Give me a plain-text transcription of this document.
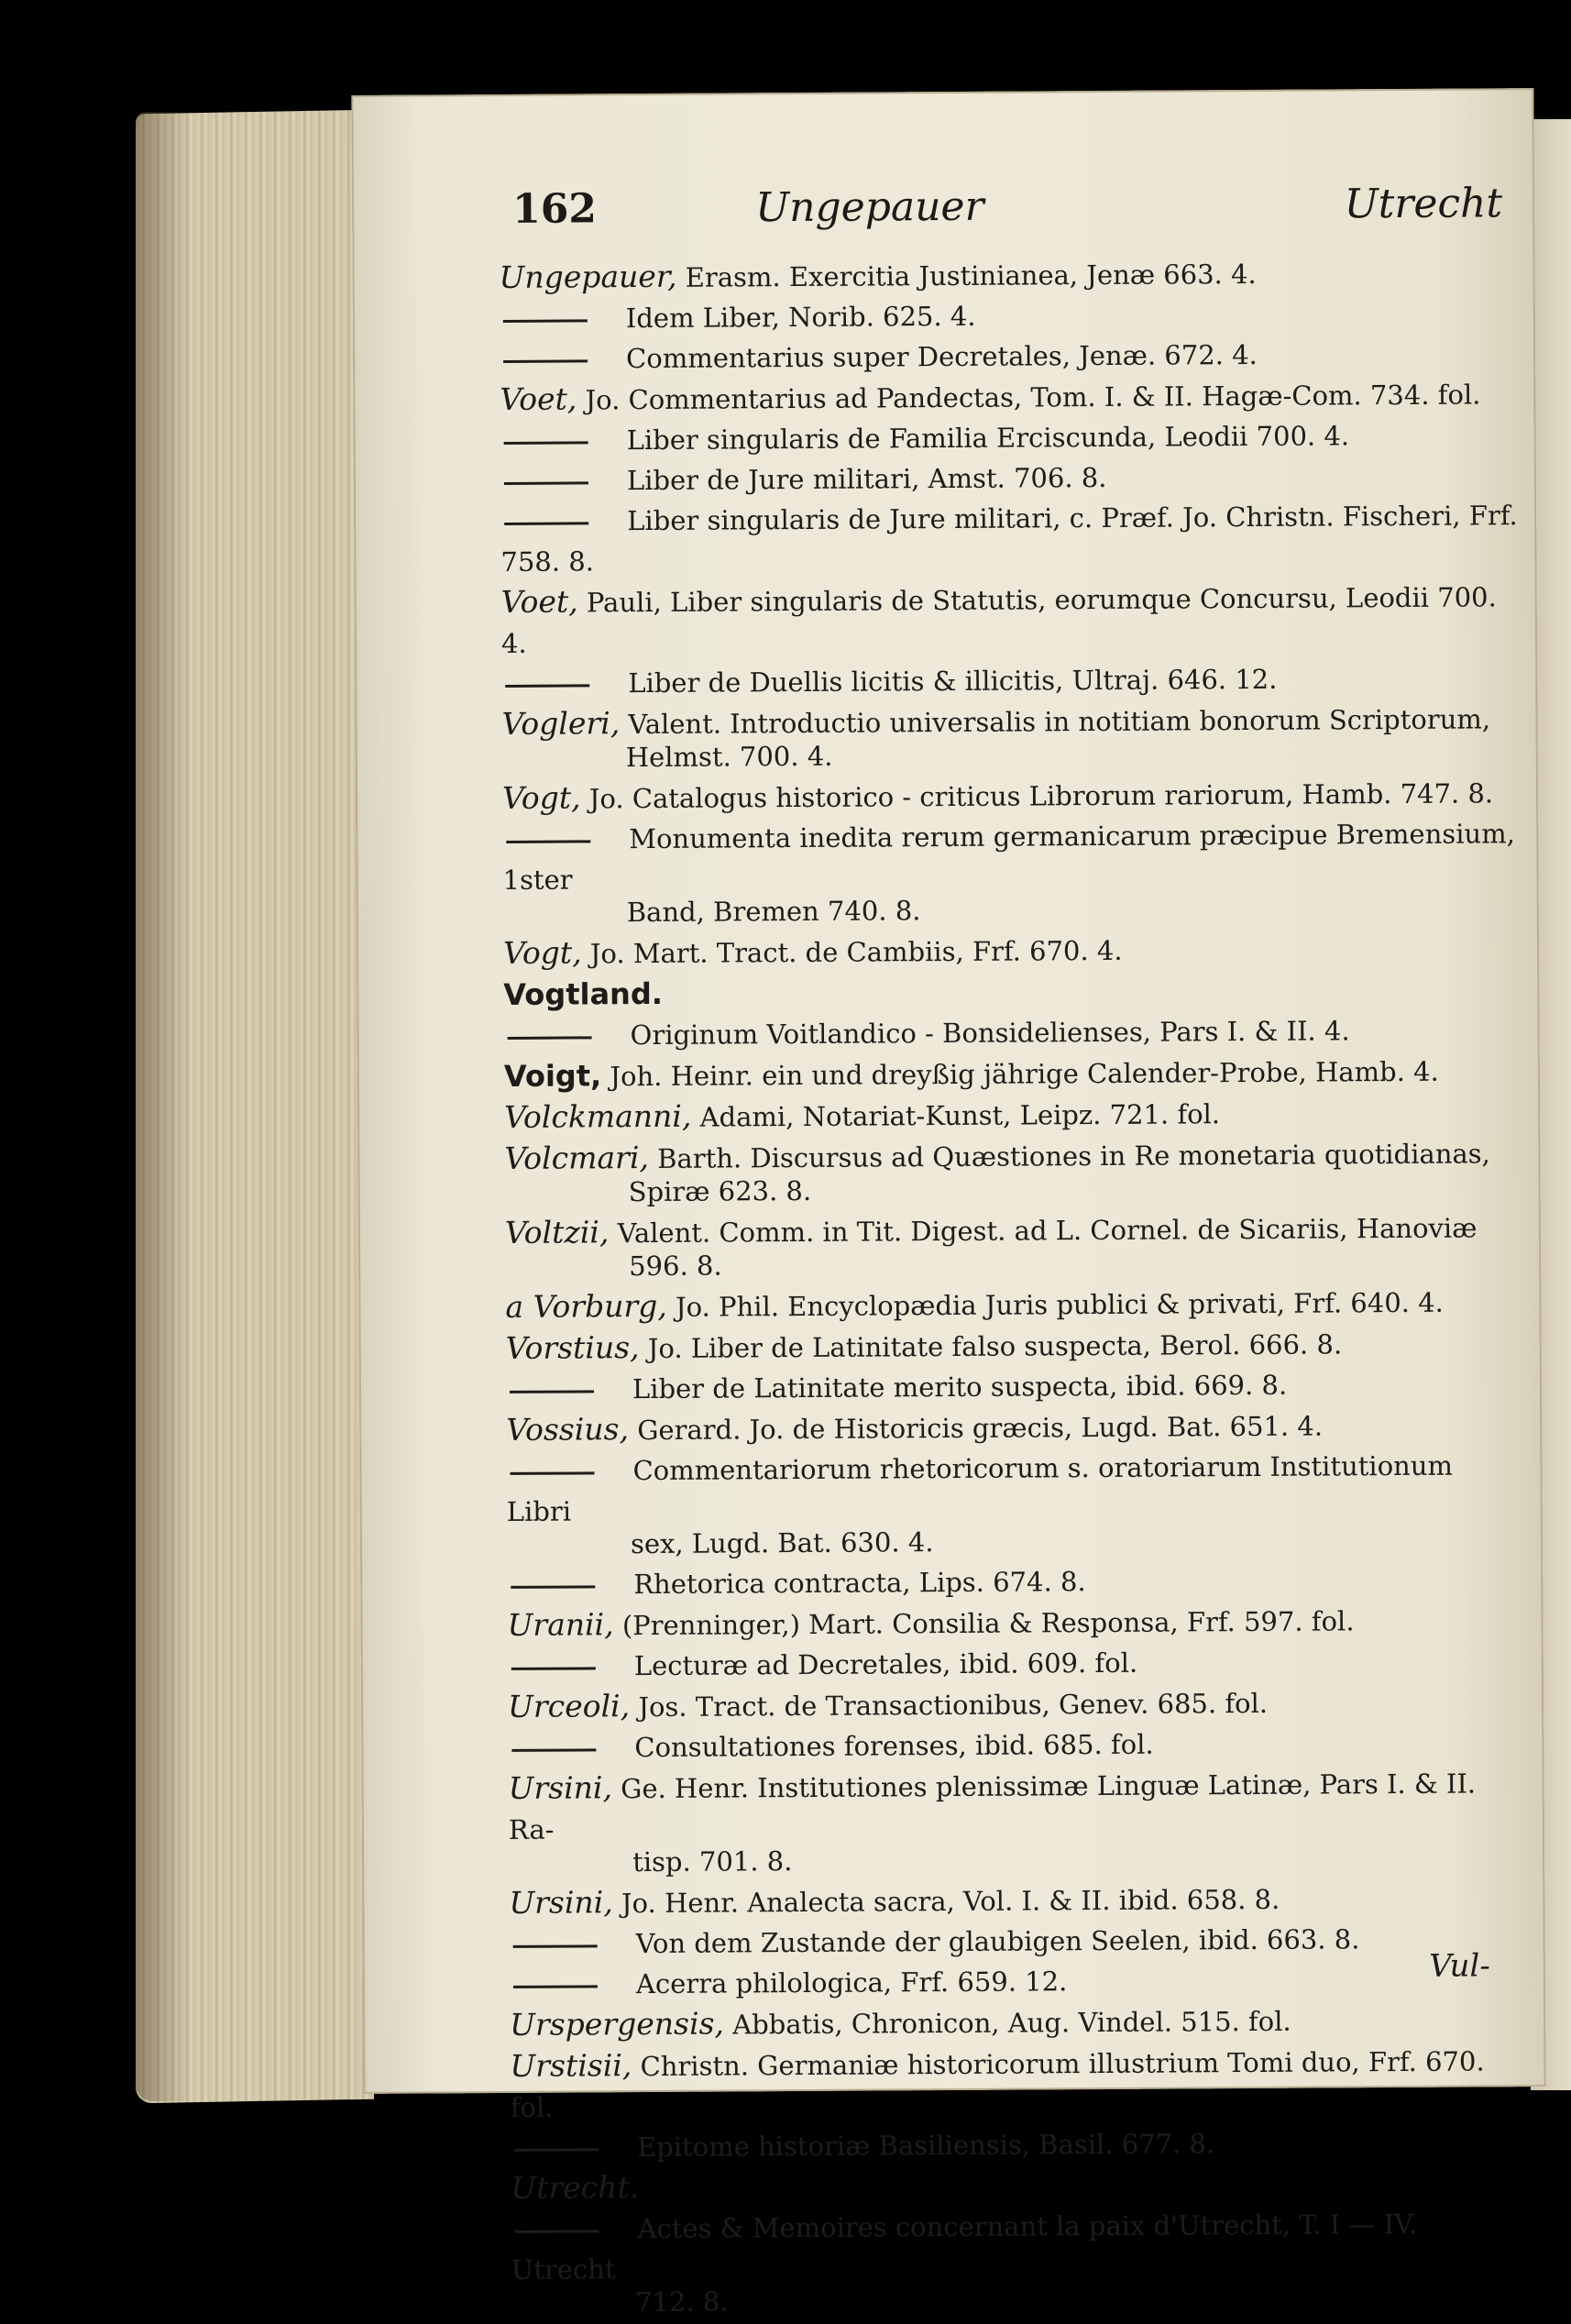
162	Ungepauer	Utrecht
Ungepauer, Erasm. Exercitia Justinianea, Jenæ 663. 4.
Idem Liber, Norib. 625. 4.
Commentarius super Decretales, Jenæ. 672. 4.
Voet, Jo. Commentarius ad Pandectas, Tom. I. & II. Hagæ-Com. 734. fol.
Liber singularis de Familia Erciscunda, Leodii 700. 4.
Liber de Jure militari, Amst. 706. 8.
Liber singularis de Jure militari, c. Præf. Jo. Christn. Fischeri, Frf. 758. 8.
Voet, Pauli, Liber singularis de Statutis, eorumque Concursu, Leodii 700. 4.
Liber de Duellis licitis & illicitis, Ultraj. 646. 12.
Vogleri, Valent. Introductio universalis in notitiam bonorum Scriptorum,
Helmst. 700. 4.
Vogt, Jo. Catalogus historico - criticus Librorum rariorum, Hamb. 747. 8.
Monumenta inedita rerum germanicarum præcipue Bremensium, 1ster
Band, Bremen 740. 8.
Vogt, Jo. Mart. Tract. de Cambiis, Frf. 670. 4.
Vogtland.
Originum Voitlandico - Bonsidelienses, Pars I. & II. 4.
Voigt, Joh. Heinr. ein und dreyßig jährige Calender-Probe, Hamb. 4.
Volckmanni, Adami, Notariat-Kunst, Leipz. 721. fol.
Volcmari, Barth. Discursus ad Quæstiones in Re monetaria quotidianas,
Spiræ 623. 8.
Voltzii, Valent. Comm. in Tit. Digest. ad L. Cornel. de Sicariis, Hanoviæ
596. 8.
a Vorburg, Jo. Phil. Encyclopædia Juris publici & privati, Frf. 640. 4.
Vorstius, Jo. Liber de Latinitate falso suspecta, Berol. 666. 8.
Liber de Latinitate merito suspecta, ibid. 669. 8.
Vossius, Gerard. Jo. de Historicis græcis, Lugd. Bat. 651. 4.
Commentariorum rhetoricorum s. oratoriarum Institutionum Libri
sex, Lugd. Bat. 630. 4.
Rhetorica contracta, Lips. 674. 8.
Uranii, (Prenninger,) Mart. Consilia & Responsa, Frf. 597. fol.
Lecturæ ad Decretales, ibid. 609. fol.
Urceoli, Jos. Tract. de Transactionibus, Genev. 685. fol.
Consultationes forenses, ibid. 685. fol.
Ursini, Ge. Henr. Institutiones plenissimæ Linguæ Latinæ, Pars I. & II. Ra-
tisp. 701. 8.
Ursini, Jo. Henr. Analecta sacra, Vol. I. & II. ibid. 658. 8.
Von dem Zustande der glaubigen Seelen, ibid. 663. 8.
Acerra philologica, Frf. 659. 12.
Urspergensis, Abbatis, Chronicon, Aug. Vindel. 515. fol.
Urstisii, Christn. Germaniæ historicorum illustrium Tomi duo, Frf. 670. fol.
Epitome historiæ Basiliensis, Basil. 677. 8.
Utrecht.
Actes & Memoires concernant la paix d'Utrecht, T. I — IV. Utrecht
712. 8.
Vul-
